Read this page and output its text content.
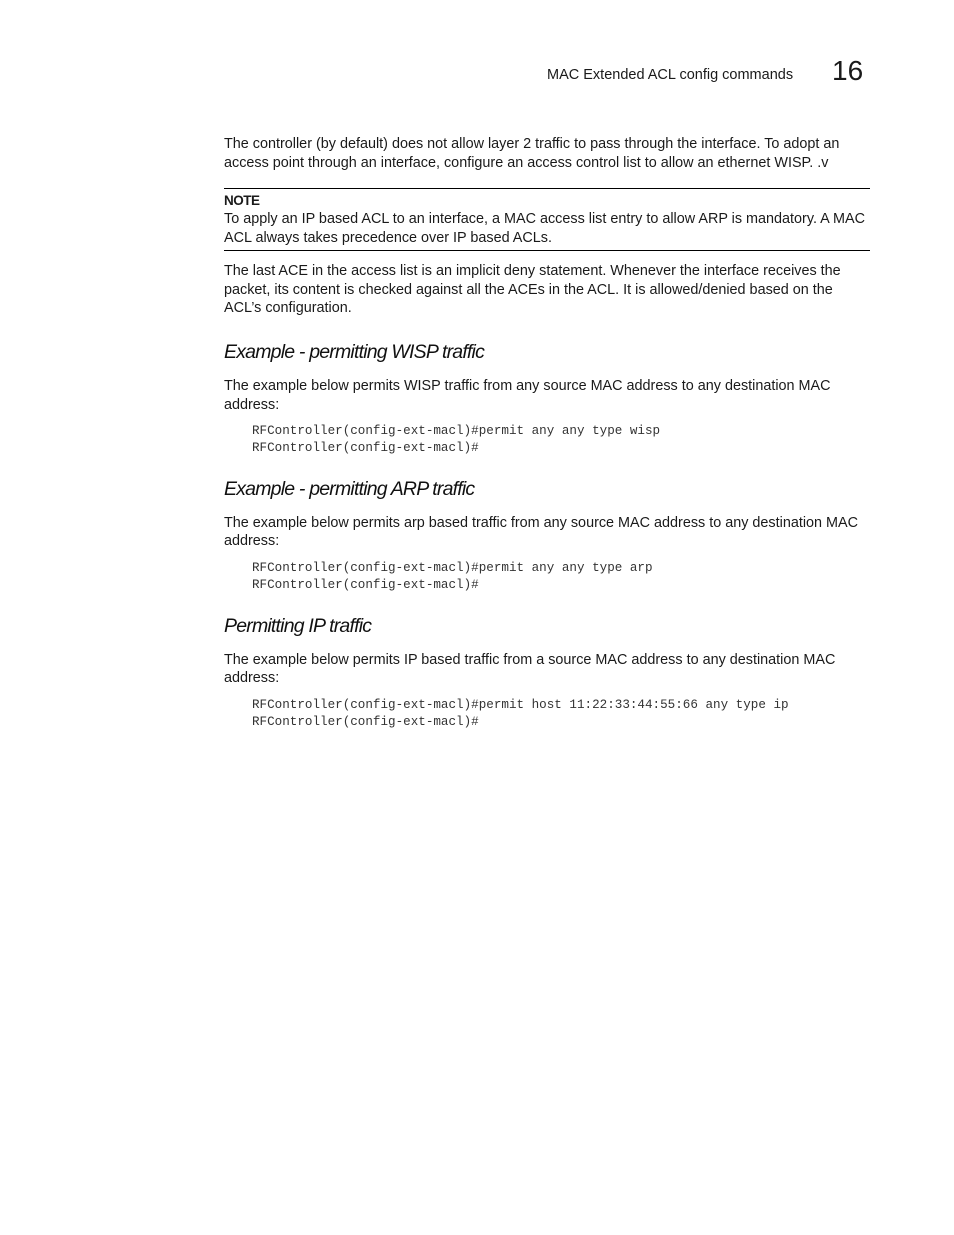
MAC Extended ACL config commands 16

The controller (by default) does not allow layer 2 traffic to pass through the interface. To adopt an access point through an interface, configure an access control list to allow an ethernet WISP. .v

NOTE
To apply an IP based ACL to an interface, a MAC access list entry to allow ARP is mandatory. A MAC ACL always takes precedence over IP based ACLs.

The last ACE in the access list is an implicit deny statement. Whenever the interface receives the packet, its content is checked against all the ACEs in the ACL. It is allowed/denied based on the ACL’s configuration.

Example - permitting WISP traffic

The example below permits WISP traffic from any source MAC address to any destination MAC address:

RFController(config-ext-macl)#permit any any type wisp
RFController(config-ext-macl)#
Example - permitting ARP traffic

The example below permits arp based traffic from any source MAC address to any destination MAC address:

RFController(config-ext-macl)#permit any any type arp
RFController(config-ext-macl)#
Permitting IP traffic

The example below permits IP based traffic from a source MAC address to any destination MAC address:

RFController(config-ext-macl)#permit host 11:22:33:44:55:66 any type ip
RFController(config-ext-macl)#
